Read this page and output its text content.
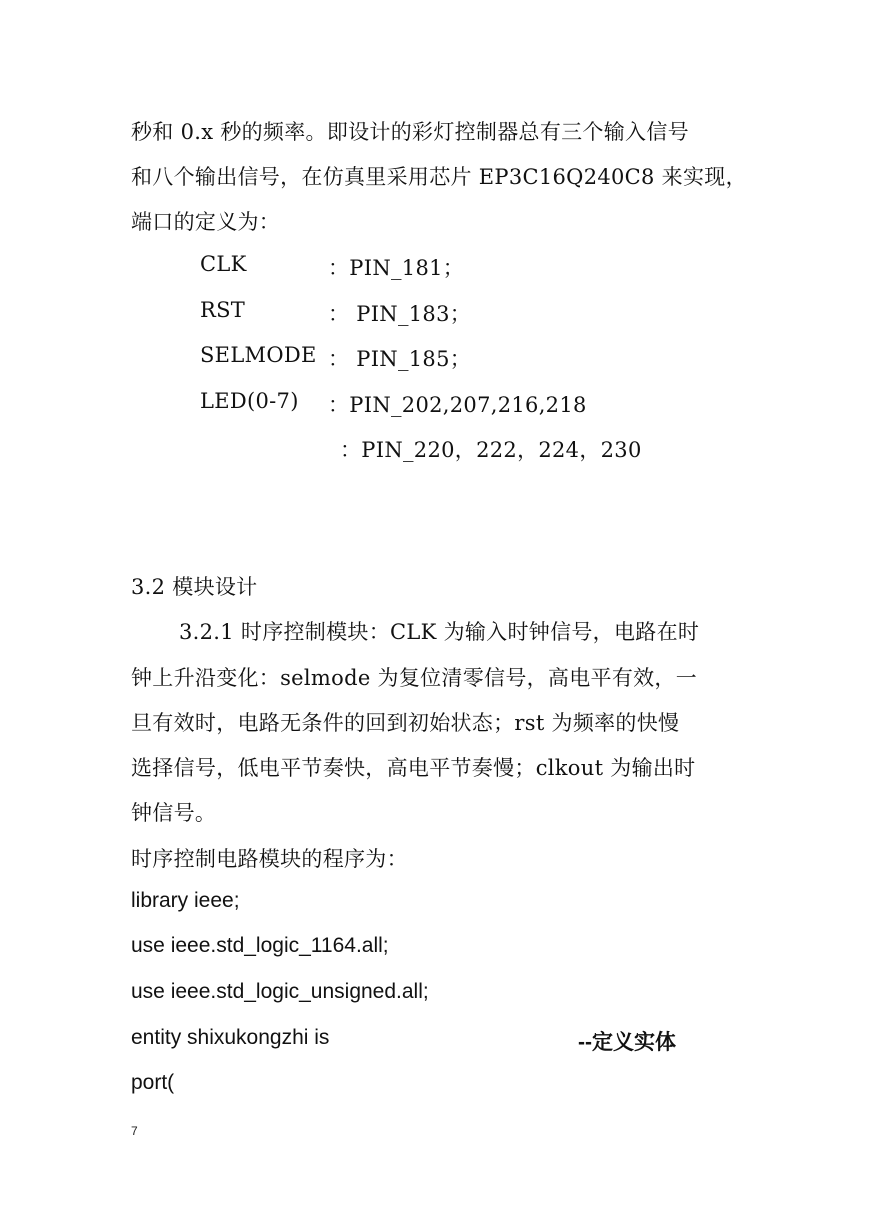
秒和 0.x 秒的频率。即设计的彩灯控制器总有三个输入信号
和八个输出信号，在仿真里采用芯片 EP3C16Q240C8 来实现，
端口的定义为：
CLK	：PIN_181；
RST	： PIN_183；
SELMODE ： PIN_185；
LED(0-7) ：PIN_202,207,216,218
：PIN_220，222，224，230
3.2 模块设计
3.2.1 时序控制模块：CLK 为输入时钟信号，电路在时
钟上升沿变化：selmode 为复位清零信号，高电平有效，一
旦有效时，电路无条件的回到初始状态；rst 为频率的快慢
选择信号，低电平节奏快，高电平节奏慢；clkout 为输出时
钟信号。
时序控制电路模块的程序为：
library ieee;
use ieee.std_logic_1164.all;
use ieee.std_logic_unsigned.all;
entity shixukongzhi is	--定义实体
port(
7
